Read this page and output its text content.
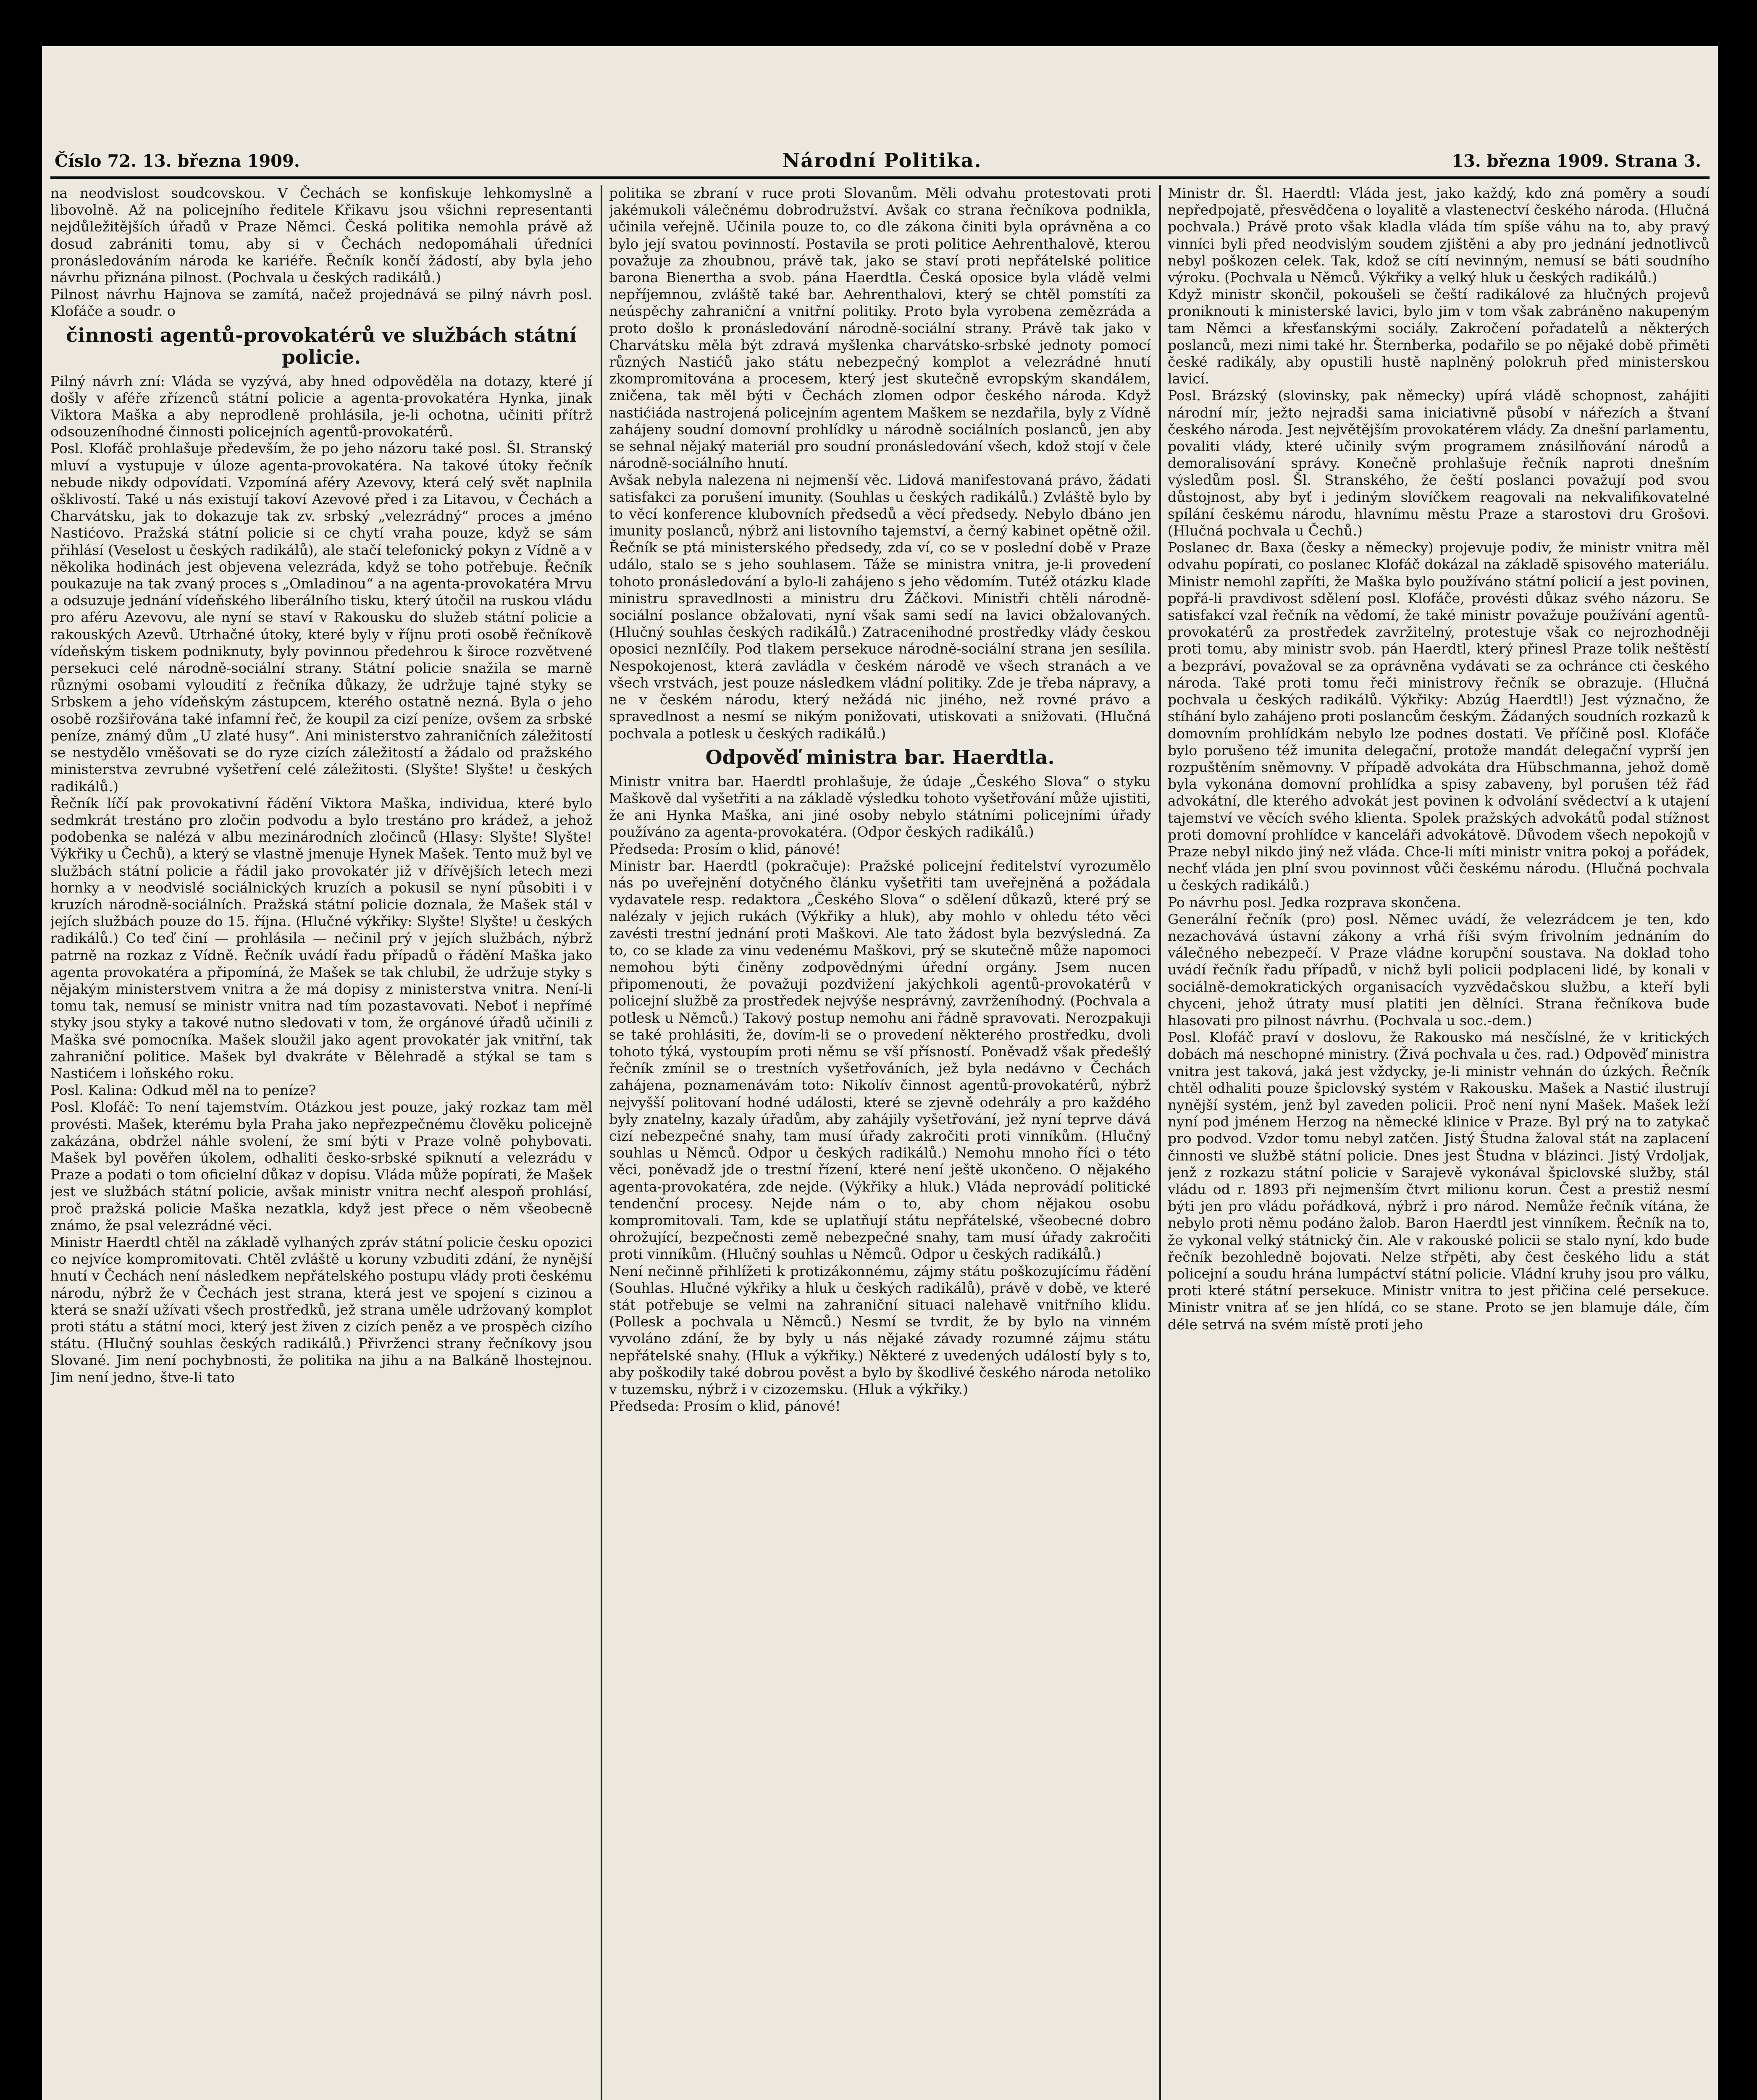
Číslo 72. 13. března 1909.	Národní Politika.	13. března 1909. Strana 3.

na neodvislost soudcovskou. V Čechách se konfiskuje lehkomyslně a libovolně. Až na policejního ředitele Křikavu jsou všichni representanti nejdůležitějších úřadů v Praze Němci. Česká politika nemohla právě až dosud zabrániti tomu, aby si v Čechách nedopomáhali úředníci pronásledováním národa ke kariéře. Řečník končí žádostí, aby byla jeho návrhu přiznána pilnost. (Pochvala u českých radikálů.)

Pilnost návrhu Hajnova se zamítá, načež projednává se pilný návrh posl. Klofáče a soudr. o

činnosti agentů-provokatérů ve službách státní policie.

Pilný návrh zní: Vláda se vyzývá, aby hned odpověděla na dotazy, které jí došly v aféře zřízenců státní policie a agenta-provokatéra Hynka, jinak Viktora Maška a aby neprodleně prohlásila, je-li ochotna, učiniti přítrž odsouzeníhodné činnosti policejních agentů-provokatérů.

Posl. Klofáč prohlašuje především, že po jeho názoru také posl. Šl. Stranský mluví a vystupuje v úloze agenta-provokatéra. Na takové útoky řečník nebude nikdy odpovídati. Vzpomíná aféry Azevovy, která celý svět naplnila ošklivostí. Také u nás existují takoví Azevové před i za Litavou, v Čechách a Charvátsku, jak to dokazuje tak zv. srbský „velezrádný“ proces a jméno Nastićovo. Pražská státní policie si ce chytí vraha pouze, když se sám přihlásí (Veselost u českých radikálů), ale stačí telefonický pokyn z Vídně a v několika hodinách jest objevena velezráda, když se toho potřebuje. Řečník poukazuje na tak zvaný proces s „Omladinou“ a na agenta-provokatéra Mrvu a odsuzuje jednání vídeňského liberálního tisku, který útočil na ruskou vládu pro aféru Azevovu, ale nyní se staví v Rakousku do služeb státní policie a rakouských Azevů. Utrhačné útoky, které byly v říjnu proti osobě řečníkově vídeňským tiskem podniknuty, byly povinnou předehrou k široce rozvětvené persekuci celé národně-sociální strany. Státní policie snažila se marně různými osobami vyloudití z řečníka důkazy, že udržuje tajné styky se Srbskem a jeho vídeňským zástupcem, kterého ostatně nezná. Byla o jeho osobě rozšiřována také infamní řeč, že koupil za cizí peníze, ovšem za srbské peníze, známý dům „U zlaté husy“. Ani ministerstvo zahraničních záležitostí se nestydělo vměšovati se do ryze cizích záležitostí a žádalo od pražského ministerstva zevrubné vyšetření celé záležitosti. (Slyšte! Slyšte! u českých radikálů.)

Řečník líčí pak provokativní řádění Viktora Maška, individua, které bylo sedmkrát trestáno pro zločin podvodu a bylo trestáno pro krádež, a jehož podobenka se nalézá v albu mezinárodních zločinců (Hlasy: Slyšte! Slyšte! Výkřiky u Čechů), a který se vlastně jmenuje Hynek Mašek. Tento muž byl ve službách státní policie a řádil jako provokatér již v dřívějších letech mezi hornky a v neodvislé sociálnických kruzích a pokusil se nyní působiti i v kruzích národně-sociálních. Pražská státní policie doznala, že Mašek stál v jejích službách pouze do 15. října. (Hlučné výkřiky: Slyšte! Slyšte! u českých radikálů.) Co teď činí — prohlásila — nečinil prý v jejích službách, nýbrž patrně na rozkaz z Vídně. Řečník uvádí řadu případů o řádění Maška jako agenta provokatéra a připomíná, že Mašek se tak chlubil, že udržuje styky s nějakým ministerstvem vnitra a že má dopisy z ministerstva vnitra. Není-li tomu tak, nemusí se ministr vnitra nad tím pozastavovati. Neboť i nepřímé styky jsou styky a takové nutno sledovati v tom, že orgánové úřadů učinili z Maška své pomocníka. Mašek sloužil jako agent provokatér jak vnitřní, tak zahraniční politice. Mašek byl dvakráte v Bělehradě a stýkal se tam s Nastićem i loňského roku.

Posl. Kalina: Odkud měl na to peníze?

Posl. Klofáč: To není tajemstvím. Otázkou jest pouze, jaký rozkaz tam měl provésti. Mašek, kterému byla Praha jako nepřezpečnému člověku policejně zakázána, obdržel náhle svolení, že smí býti v Praze volně pohybovati. Mašek byl pověřen úkolem, odhaliti česko-srbské spiknutí a velezrádu v Praze a podati o tom oficielní důkaz v dopisu. Vláda může popírati, že Mašek jest ve službách státní policie, avšak ministr vnitra nechť alespoň prohlásí, proč pražská policie Maška nezatkla, když jest přece o něm všeobecně známo, že psal velezrádné věci.

Ministr Haerdtl chtěl na základě vylhaných zpráv státní policie česku opozici co nejvíce kompromitovati. Chtěl zvláště u koruny vzbuditi zdání, že nynější hnutí v Čechách není následkem nepřátelského postupu vlády proti českému národu, nýbrž že v Čechách jest strana, která jest ve spojení s cizinou a která se snaží užívati všech prostředků, jež strana uměle udržovaný komplot proti státu a státní moci, který jest živen z cizích peněz a ve prospěch cizího státu. (Hlučný souhlas českých radikálů.) Přivrženci strany řečníkovy jsou Slované. Jim není pochybnosti, že politika na jihu a na Balkáně lhostejnou. Jim není jedno, štve-li tato

politika se zbraní v ruce proti Slovanům. Měli odvahu protestovati proti jakémukoli válečnému dobrodružství. Avšak co strana řečníkova podnikla, učinila veřejně. Učinila pouze to, co dle zákona činiti byla oprávněna a co bylo její svatou povinností. Postavila se proti politice Aehrenthalově, kterou považuje za zhoubnou, právě tak, jako se staví proti nepřátelské politice barona Bienertha a svob. pána Haerdtla. Česká oposice byla vládě velmi nepříjemnou, zvláště také bar. Aehrenthalovi, který se chtěl pomstíti za neúspěchy zahraniční a vnitřní politiky. Proto byla vyrobena zemězráda a proto došlo k pronásledování národně-sociální strany. Právě tak jako v Charvátsku měla být zdravá myšlenka charvátsko-srbské jednoty pomocí různých Nastićů jako státu nebezpečný komplot a velezrádné hnutí zkompromitována a procesem, který jest skutečně evropským skandálem, zničena, tak měl býti v Čechách zlomen odpor českého národa. Když nastićiáda nastrojená policejním agentem Maškem se nezdařila, byly z Vídně zahájeny soudní domovní prohlídky u národně sociálních poslanců, jen aby se sehnal nějaký materiál pro soudní pronásledování všech, kdož stojí v čele národně-sociálního hnutí.

Avšak nebyla nalezena ni nejmenší věc. Lidová manifestovaná právo, žádati satisfakci za porušení imunity. (Souhlas u českých radikálů.) Zvláště bylo by to věcí konference klubovních předsedů a věcí předsedy. Nebylo dbáno jen imunity poslanců, nýbrž ani listovního tajemství, a černý kabinet opětně ožil. Řečník se ptá ministerského předsedy, zda ví, co se v poslední době v Praze událo, stalo se s jeho souhlasem. Táže se ministra vnitra, je-li provedení tohoto pronásledování a bylo-li zahájeno s jeho vědomím. Tutéž otázku klade ministru spravedlnosti a ministru dru Žáčkovi. Ministři chtěli národně-sociální poslance obžalovati, nyní však sami sedí na lavici obžalovaných. (Hlučný souhlas českých radikálů.) Zatracenihodné prostředky vlády českou oposici neznIčíly. Pod tlakem persekuce národně-sociální strana jen sesílila. Nespokojenost, která zavládla v českém národě ve všech stranách a ve všech vrstvách, jest pouze následkem vládní politiky. Zde je třeba nápravy, a ne v českém národu, který nežádá nic jiného, než rovné právo a spravedlnost a nesmí se nikým ponižovati, utiskovati a snižovati. (Hlučná pochvala a potlesk u českých radikálů.)

Odpověď ministra bar. Haerdtla.

Ministr vnitra bar. Haerdtl prohlašuje, že údaje „Českého Slova“ o styku Maškově dal vyšetřiti a na základě výsledku tohoto vyšetřování může ujistiti, že ani Hynka Maška, ani jiné osoby nebylo státními policejními úřady používáno za agenta-provokatéra. (Odpor českých radikálů.)

Předseda: Prosím o klid, pánové!

Ministr bar. Haerdtl (pokračuje): Pražské policejní ředitelství vyrozumělo nás po uveřejnění dotyčného článku vyšetřiti tam uveřejněná a požádala vydavatele resp. redaktora „Českého Slova“ o sdělení důkazů, které prý se nalézaly v jejich rukách (Výkřiky a hluk), aby mohlo v ohledu této věci zavésti trestní jednání proti Maškovi. Ale tato žádost byla bezvýsledná. Za to, co se klade za vinu vedenému Maškovi, prý se skutečně může napomoci nemohou býti činěny zodpovědnými úřední orgány. Jsem nucen připomenouti, že považuji pozdvižení jakýchkoli agentů-provokatérů v policejní službě za prostředek nejvýše nesprávný, zavrženíhodný. (Pochvala a potlesk u Němců.) Takový postup nemohu ani řádně spravovati. Nerozpakuji se také prohlásiti, že, dovím-li se o provedení některého prostředku, dvoli tohoto týká, vystoupím proti němu se vší přísností. Poněvadž však předešlý řečník zmínil se o trestních vyšetřováních, jež byla nedávno v Čechách zahájena, poznamenávám toto: Nikolív činnost agentů-provokatérů, nýbrž nejvyšší politovaní hodné události, které se zjevně odehrály a pro každého byly znatelny, kazaly úřadům, aby zahájily vyšetřování, jež nyní teprve dává cizí nebezpečné snahy, tam musí úřady zakročiti proti vinníkům. (Hlučný souhlas u Němců. Odpor u českých radikálů.) Nemohu mnoho říci o této věci, poněvadž jde o trestní řízení, které není ještě ukončeno. O nějakého agenta-provokatéra, zde nejde. (Výkřiky a hluk.) Vláda neprovádí politické tendenční procesy. Nejde nám o to, aby chom nějakou osobu kompromitovali. Tam, kde se uplatňují státu nepřátelské, všeobecné dobro ohrožující, bezpečnosti země nebezpečné snahy, tam musí úřady zakročiti proti vinníkům. (Hlučný souhlas u Němců. Odpor u českých radikálů.)

Není nečinně přihlížeti k protizákonnému, zájmy státu poškozujícímu řádění (Souhlas. Hlučné výkřiky a hluk u českých radikálů), právě v době, ve které stát potřebuje se velmi na zahraniční situaci nalehavě vnitřního klidu. (Pollesk a pochvala u Němců.) Nesmí se tvrdit, že by bylo na vinném vyvoláno zdání, že by byly u nás nějaké závady rozumné zájmu státu nepřátelské snahy. (Hluk a výkřiky.) Některé z uvedených událostí byly s to, aby poškodily také dobrou pověst a bylo by škodlivé českého národa netoliko v tuzemsku, nýbrž i v cizozemsku. (Hluk a výkřiky.)

Předseda: Prosím o klid, pánové!

Ministr dr. Šl. Haerdtl: Vláda jest, jako každý, kdo zná poměry a soudí nepředpojatě, přesvědčena o loyalitě a vlastenectví českého národa. (Hlučná pochvala.) Právě proto však kladla vláda tím spíše váhu na to, aby pravý vinníci byli před neodvislým soudem zjištěni a aby pro jednání jednotlivců nebyl poškozen celek. Tak, kdož se cítí nevinným, nemusí se báti soudního výroku. (Pochvala u Němců. Výkřiky a velký hluk u českých radikálů.)

Když ministr skončil, pokoušeli se čeští radikálové za hlučných projevů proniknouti k ministerské lavici, bylo jim v tom však zabráněno nakupeným tam Němci a křesťanskými sociály. Zakročení pořadatelů a některých poslanců, mezi nimi také hr. Šternberka, podařilo se po nějaké době přiměti české radikály, aby opustili hustě naplněný polokruh před ministerskou lavicí.

Posl. Brázský (slovinsky, pak německy) upírá vládě schopnost, zahájiti národní mír, ježto nejradši sama iniciativně působí v nářezích a štvaní českého národa. Jest největějším provokatérem vlády. Za dnešní parlamentu, povaliti vlády, které učinily svým programem znásilňování národů a demoralisování správy. Konečně prohlašuje řečník naproti dnešním výsledům posl. Šl. Stranského, že čeští poslanci považují pod svou důstojnost, aby byť i jediným slovíčkem reagovali na nekvalifikovatelné spílání českému národu, hlavnímu městu Praze a starostovi dru Grošovi. (Hlučná pochvala u Čechů.)

Poslanec dr. Baxa (česky a německy) projevuje podiv, že ministr vnitra měl odvahu popírati, co poslanec Klofáč dokázal na základě spisového materiálu. Ministr nemohl zapříti, že Maška bylo používáno státní policií a jest povinen, popřá-li pravdivost sdělení posl. Klofáče, provésti důkaz svého názoru. Se satisfakcí vzal řečník na vědomí, že také ministr považuje používání agentů-provokatérů za prostředek zavržitelný, protestuje však co nejrozhodněji proti tomu, aby ministr svob. pán Haerdtl, který přinesl Praze tolik neštěstí a bezpráví, považoval se za oprávněna vydávati se za ochránce cti českého národa. Také proti tomu řeči ministrovy řečník se obrazuje. (Hlučná pochvala u českých radikálů. Výkřiky: Abzúg Haerdtl!) Jest význačno, že stíhání bylo zahájeno proti poslancům českým. Žádaných soudních rozkazů k domovním prohlídkám nebylo lze podnes dostati. Ve příčině posl. Klofáče bylo porušeno též imunita delegační, protože mandát delegační vyprší jen rozpuštěním sněmovny. V případě advokáta dra Hübschmanna, jehož domě byla vykonána domovní prohlídka a spisy zabaveny, byl porušen též řád advokátní, dle kterého advokát jest povinen k odvolání svědectví a k utajení tajemství ve věcích svého klienta. Spolek pražských advokátů podal stížnost proti domovní prohlídce v kanceláři advokátově. Důvodem všech nepokojů v Praze nebyl nikdo jiný než vláda. Chce-li míti ministr vnitra pokoj a pořádek, nechť vláda jen plní svou povinnost vůči českému národu. (Hlučná pochvala u českých radikálů.)

Po návrhu posl. Jedka rozprava skončena.

Generální řečník (pro) posl. Němec uvádí, že velezrádcem je ten, kdo nezachovává ústavní zákony a vrhá říši svým frivolním jednáním do válečného nebezpečí. V Praze vládne korupční soustava. Na doklad toho uvádí řečník řadu případů, v nichž byli policii podplaceni lidé, by konali v sociálně-demokratických organisacích vyzvědačskou službu, a kteří byli chyceni, jehož útraty musí platiti jen dělníci. Strana řečníkova bude hlasovati pro pilnost návrhu. (Pochvala u soc.-dem.)

Posl. Klofáč praví v doslovu, že Rakousko má nesčíslné, že v kritických dobách má neschopné ministry. (Živá pochvala u čes. rad.) Odpověď ministra vnitra jest taková, jaká jest vždycky, je-li ministr vehnán do úzkých. Řečník chtěl odhaliti pouze špiclovský systém v Rakousku. Mašek a Nastić ilustrují nynější systém, jenž byl zaveden policii. Proč není nyní Mašek. Mašek leží nyní pod jménem Herzog na německé klinice v Praze. Byl prý na to zatykač pro podvod. Vzdor tomu nebyl zatčen. Jistý Študna žaloval stát na zaplacení činnosti ve službě státní policie. Dnes jest Študna v blázinci. Jistý Vrdoljak, jenž z rozkazu státní policie v Sarajevě vykonával špiclovské služby, stál vládu od r. 1893 při nejmenším čtvrt milionu korun. Čest a prestiž nesmí býti jen pro vládu pořádková, nýbrž i pro národ. Nemůže řečník vítána, že nebylo proti němu podáno žalob. Baron Haerdtl jest vinníkem. Řečník na to, že vykonal velký státnický čin. Ale v rakouské policii se stalo nyní, kdo bude řečník bezohledně bojovati. Nelze střpěti, aby čest českého lidu a stát policejní a soudu hrána lumpáctví státní policie. Vládní kruhy jsou pro válku, proti které státní persekuce. Ministr vnitra to jest přičina celé persekuce. Ministr vnitra ať se jen hlídá, co se stane. Proto se jen blamuje dále, čím déle setrvá na svém místě proti jeho
